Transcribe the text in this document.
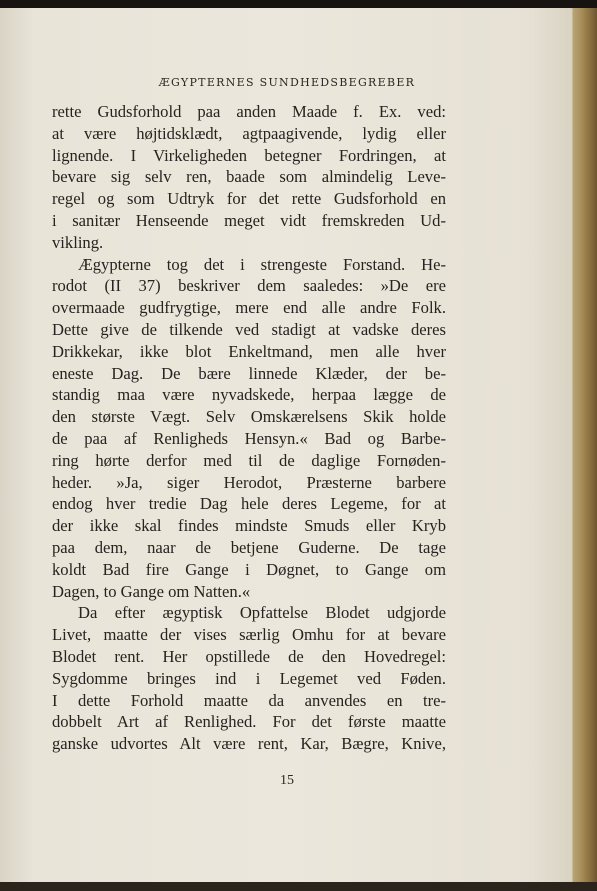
ÆGYPTERNES SUNDHEDSBEGREBER

rette Gudsforhold paa anden Maade f. Ex. ved:
at være højtidsklædt, agtpaagivende, lydig eller
lignende. I Virkeligheden betegner Fordringen, at
bevare sig selv ren, baade som almindelig Leve-
regel og som Udtryk for det rette Gudsforhold en
i sanitær Henseende meget vidt fremskreden Ud-
vikling.
Ægypterne tog det i strengeste Forstand. He-
rodot (II 37) beskriver dem saaledes: »De ere
overmaade gudfrygtige, mere end alle andre Folk.
Dette give de tilkende ved stadigt at vadske deres
Drikkekar, ikke blot Enkeltmand, men alle hver
eneste Dag. De bære linnede Klæder, der be-
standig maa være nyvadskede, herpaa lægge de
den største Vægt. Selv Omskærelsens Skik holde
de paa af Renligheds Hensyn.« Bad og Barbe-
ring hørte derfor med til de daglige Fornøden-
heder. »Ja, siger Herodot, Præsterne barbere
endog hver tredie Dag hele deres Legeme, for at
der ikke skal findes mindste Smuds eller Kryb
paa dem, naar de betjene Guderne. De tage
koldt Bad fire Gange i Døgnet, to Gange om
Dagen, to Gange om Natten.«
Da efter ægyptisk Opfattelse Blodet udgjorde
Livet, maatte der vises særlig Omhu for at bevare
Blodet rent. Her opstillede de den Hovedregel:
Sygdomme bringes ind i Legemet ved Føden.
I dette Forhold maatte da anvendes en tre-
dobbelt Art af Renlighed. For det første maatte
ganske udvortes Alt være rent, Kar, Bægre, Knive,
15
